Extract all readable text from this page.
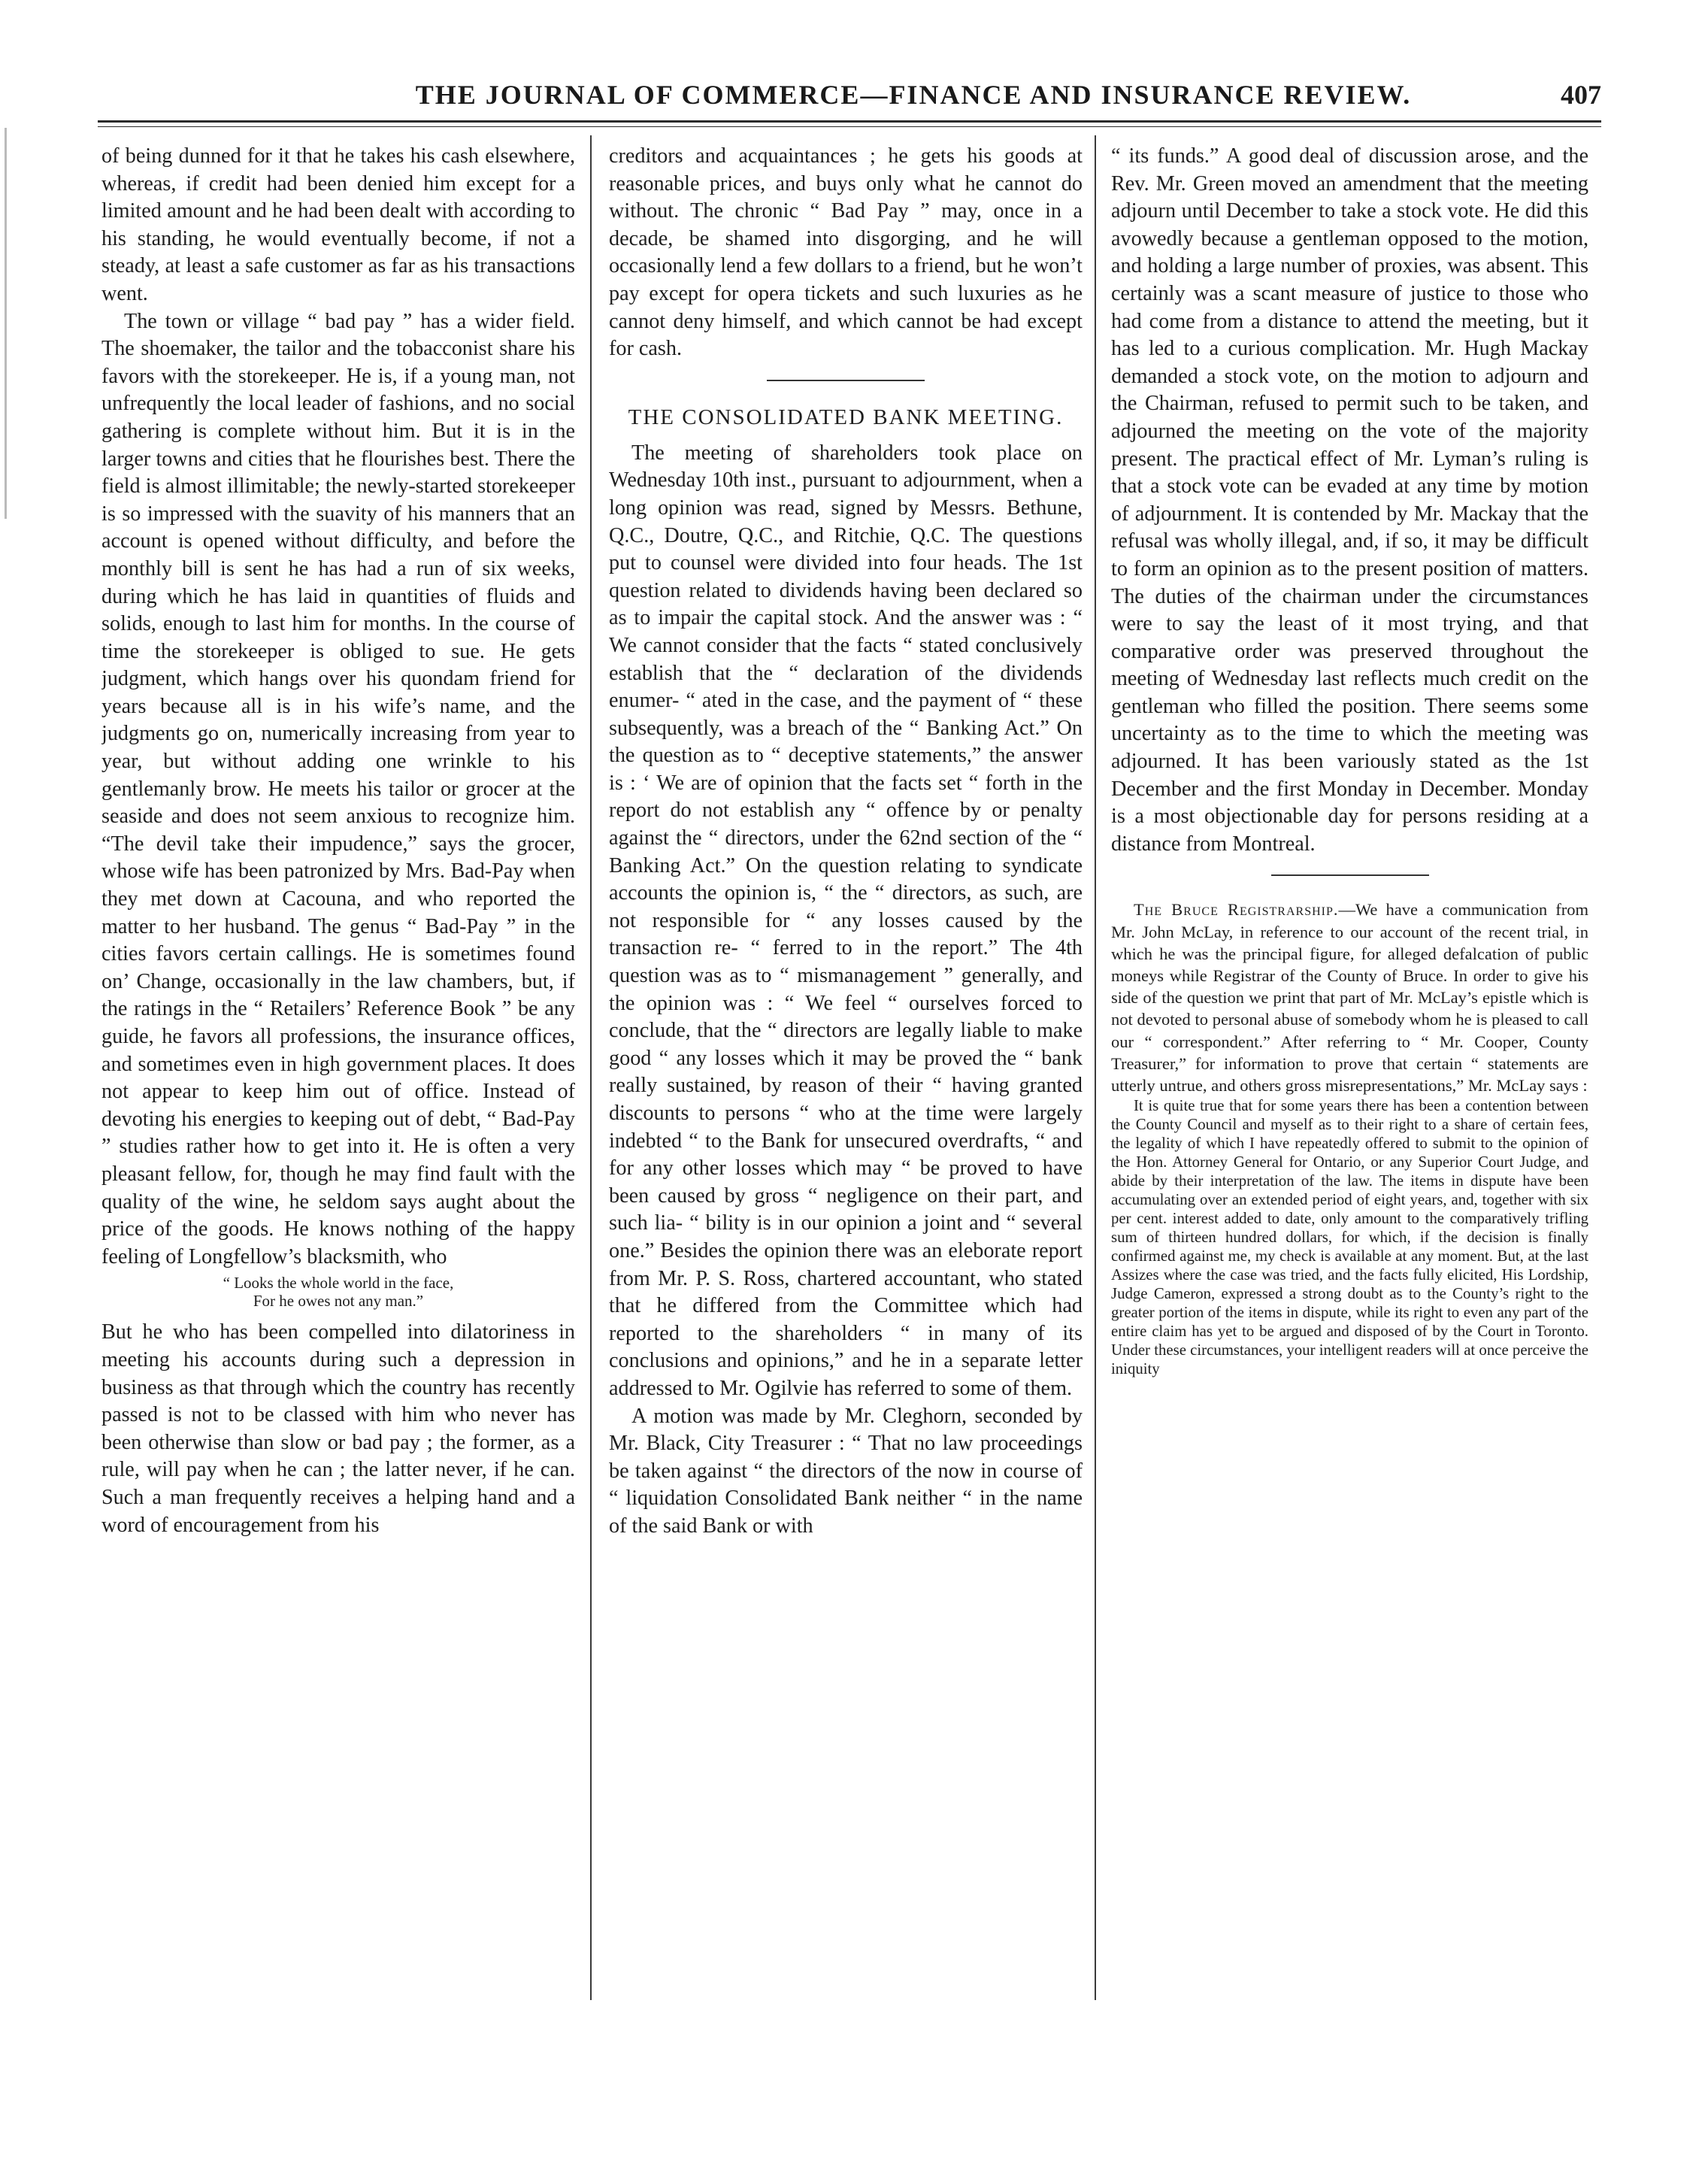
THE JOURNAL OF COMMERCE—FINANCE AND INSURANCE REVIEW.	407

of being dunned for it that he takes his cash elsewhere, whereas, if credit had been denied him except for a limited amount and he had been dealt with according to his standing, he would eventually become, if not a steady, at least a safe customer as far as his transactions went.

The town or village “ bad pay ” has a wider field. The shoemaker, the tailor and the tobacconist share his favors with the storekeeper. He is, if a young man, not unfrequently the local leader of fashions, and no social gathering is complete without him. But it is in the larger towns and cities that he flourishes best. There the field is almost illimitable; the newly-started storekeeper is so impressed with the suavity of his manners that an account is opened without difficulty, and before the monthly bill is sent he has had a run of six weeks, during which he has laid in quantities of fluids and solids, enough to last him for months. In the course of time the storekeeper is obliged to sue. He gets judgment, which hangs over his quondam friend for years because all is in his wife’s name, and the judgments go on, numerically increasing from year to year, but without adding one wrinkle to his gentlemanly brow. He meets his tailor or grocer at the seaside and does not seem anxious to recognize him. “The devil take their impudence,” says the grocer, whose wife has been patronized by Mrs. Bad-Pay when they met down at Cacouna, and who reported the matter to her husband. The genus “ Bad-Pay ” in the cities favors certain callings. He is sometimes found on’ Change, occasionally in the law chambers, but, if the ratings in the “ Retailers’ Reference Book ” be any guide, he favors all professions, the insurance offices, and sometimes even in high government places. It does not appear to keep him out of office. Instead of devoting his energies to keeping out of debt, “ Bad-Pay ” studies rather how to get into it. He is often a very pleasant fellow, for, though he may find fault with the quality of the wine, he seldom says aught about the price of the goods. He knows nothing of the happy feeling of Longfellow’s blacksmith, who

“ Looks the whole world in the face,
For he owes not any man.”

But he who has been compelled into dilatoriness in meeting his accounts during such a depression in business as that through which the country has recently passed is not to be classed with him who never has been otherwise than slow or bad pay ; the former, as a rule, will pay when he can ; the latter never, if he can. Such a man frequently receives a helping hand and a word of encouragement from his

creditors and acquaintances ; he gets his goods at reasonable prices, and buys only what he cannot do without. The chronic “ Bad Pay ” may, once in a decade, be shamed into disgorging, and he will occasionally lend a few dollars to a friend, but he won’t pay except for opera tickets and such luxuries as he cannot deny himself, and which cannot be had except for cash.

THE CONSOLIDATED BANK MEETING.

The meeting of shareholders took place on Wednesday 10th inst., pursuant to adjournment, when a long opinion was read, signed by Messrs. Bethune, Q.C., Doutre, Q.C., and Ritchie, Q.C. The questions put to counsel were divided into four heads. The 1st question related to dividends having been declared so as to impair the capital stock. And the answer was : “ We cannot consider that the facts “ stated conclusively establish that the “ declaration of the dividends enumer- “ ated in the case, and the payment of “ these subsequently, was a breach of the “ Banking Act.” On the question as to “ deceptive statements,” the answer is : ‘ We are of opinion that the facts set “ forth in the report do not establish any “ offence by or penalty against the “ directors, under the 62nd section of the “ Banking Act.” On the question relating to syndicate accounts the opinion is, “ the “ directors, as such, are not responsible for “ any losses caused by the transaction re- “ ferred to in the report.” The 4th question was as to “ mismanagement ” generally, and the opinion was : “ We feel “ ourselves forced to conclude, that the “ directors are legally liable to make good “ any losses which it may be proved the “ bank really sustained, by reason of their “ having granted discounts to persons “ who at the time were largely indebted “ to the Bank for unsecured overdrafts, “ and for any other losses which may “ be proved to have been caused by gross “ negligence on their part, and such lia- “ bility is in our opinion a joint and “ several one.” Besides the opinion there was an eleborate report from Mr. P. S. Ross, chartered accountant, who stated that he differed from the Committee which had reported to the shareholders “ in many of its conclusions and opinions,” and he in a separate letter addressed to Mr. Ogilvie has referred to some of them.

A motion was made by Mr. Cleghorn, seconded by Mr. Black, City Treasurer : “ That no law proceedings be taken against “ the directors of the now in course of “ liquidation Consolidated Bank neither “ in the name of the said Bank or with

“ its funds.” A good deal of discussion arose, and the Rev. Mr. Green moved an amendment that the meeting adjourn until December to take a stock vote. He did this avowedly because a gentleman opposed to the motion, and holding a large number of proxies, was absent. This certainly was a scant measure of justice to those who had come from a distance to attend the meeting, but it has led to a curious complication. Mr. Hugh Mackay demanded a stock vote, on the motion to adjourn and the Chairman, refused to permit such to be taken, and adjourned the meeting on the vote of the majority present. The practical effect of Mr. Lyman’s ruling is that a stock vote can be evaded at any time by motion of adjournment. It is contended by Mr. Mackay that the refusal was wholly illegal, and, if so, it may be difficult to form an opinion as to the present position of matters. The duties of the chairman under the circumstances were to say the least of it most trying, and that comparative order was preserved throughout the meeting of Wednesday last reflects much credit on the gentleman who filled the position. There seems some uncertainty as to the time to which the meeting was adjourned. It has been variously stated as the 1st December and the first Monday in December. Monday is a most objectionable day for persons residing at a distance from Montreal.

The Bruce Registrarship.—We have a communication from Mr. John McLay, in reference to our account of the recent trial, in which he was the principal figure, for alleged defalcation of public moneys while Registrar of the County of Bruce. In order to give his side of the question we print that part of Mr. McLay’s epistle which is not devoted to personal abuse of somebody whom he is pleased to call our “ correspondent.” After referring to “ Mr. Cooper, County Treasurer,” for information to prove that certain “ statements are utterly untrue, and others gross misrepresentations,” Mr. McLay says :

It is quite true that for some years there has been a contention between the County Council and myself as to their right to a share of certain fees, the legality of which I have repeatedly offered to submit to the opinion of the Hon. Attorney General for Ontario, or any Superior Court Judge, and abide by their interpretation of the law. The items in dispute have been accumulating over an extended period of eight years, and, together with six per cent. interest added to date, only amount to the comparatively trifling sum of thirteen hundred dollars, for which, if the decision is finally confirmed against me, my check is available at any moment. But, at the last Assizes where the case was tried, and the facts fully elicited, His Lordship, Judge Cameron, expressed a strong doubt as to the County’s right to the greater portion of the items in dispute, while its right to even any part of the entire claim has yet to be argued and disposed of by the Court in Toronto. Under these circumstances, your intelligent readers will at once perceive the iniquity
